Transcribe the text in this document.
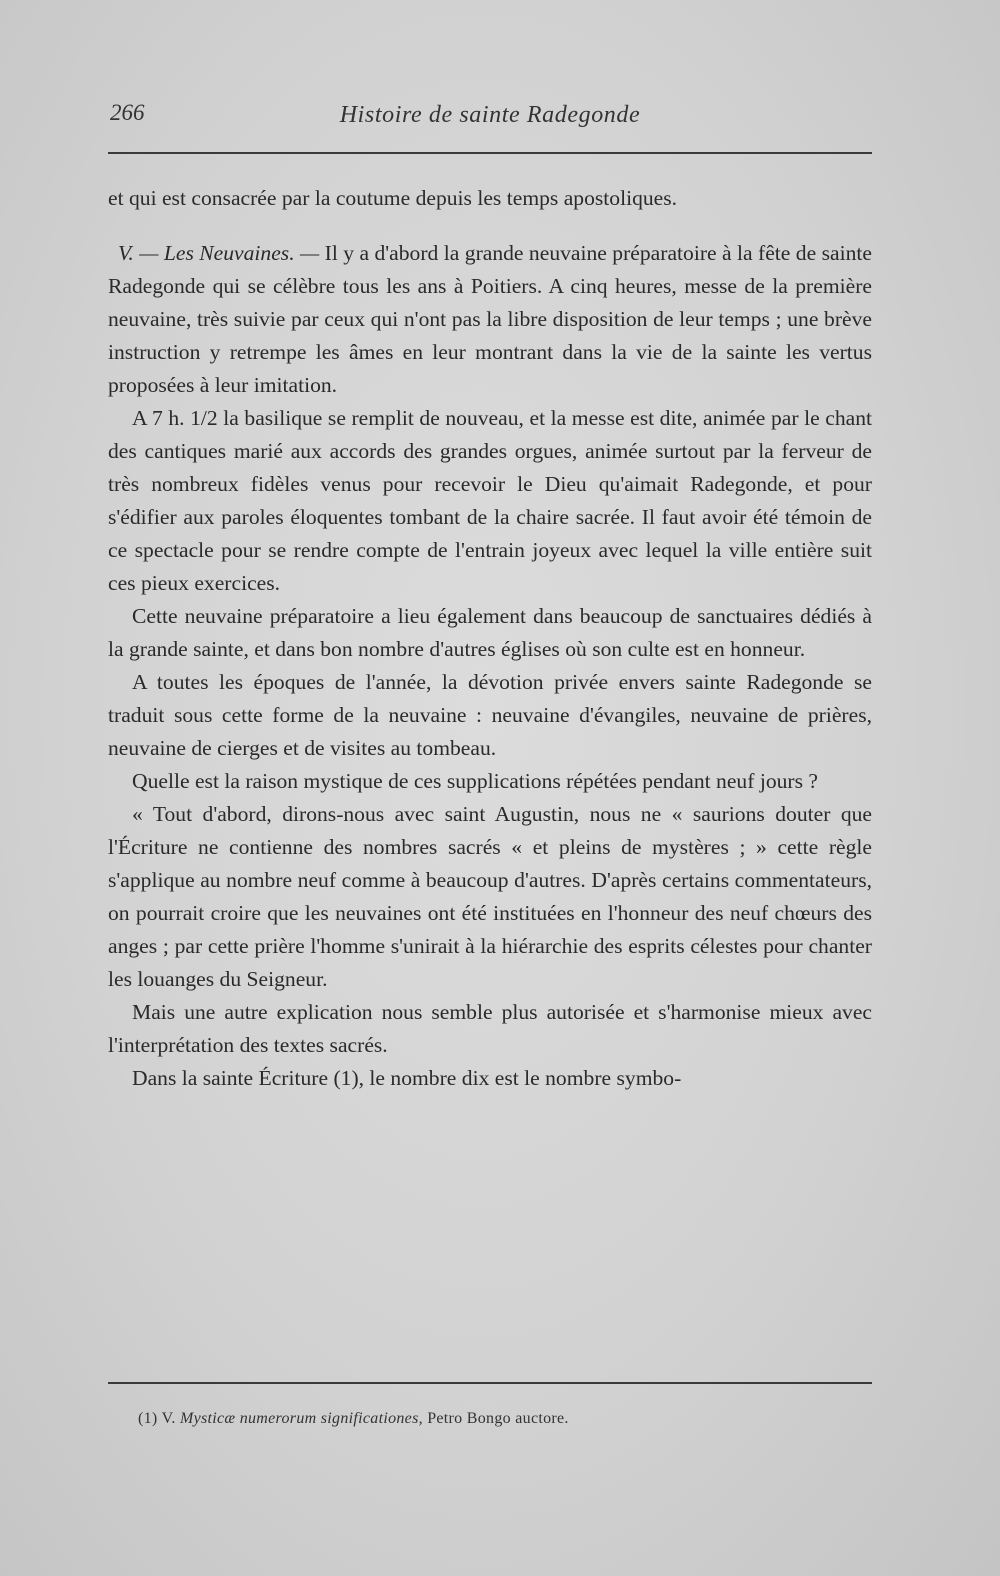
266	Histoire de sainte Radegonde

et qui est consacrée par la coutume depuis les temps apostoliques.

V. — Les Neuvaines. — Il y a d'abord la grande neuvaine préparatoire à la fête de sainte Radegonde qui se célèbre tous les ans à Poitiers. A cinq heures, messe de la première neuvaine, très suivie par ceux qui n'ont pas la libre disposition de leur temps ; une brève instruction y retrempe les âmes en leur montrant dans la vie de la sainte les vertus proposées à leur imitation.

A 7 h. 1/2 la basilique se remplit de nouveau, et la messe est dite, animée par le chant des cantiques marié aux accords des grandes orgues, animée surtout par la ferveur de très nombreux fidèles venus pour recevoir le Dieu qu'aimait Radegonde, et pour s'édifier aux paroles éloquentes tombant de la chaire sacrée. Il faut avoir été témoin de ce spectacle pour se rendre compte de l'entrain joyeux avec lequel la ville entière suit ces pieux exercices.

Cette neuvaine préparatoire a lieu également dans beaucoup de sanctuaires dédiés à la grande sainte, et dans bon nombre d'autres églises où son culte est en honneur.

A toutes les époques de l'année, la dévotion privée envers sainte Radegonde se traduit sous cette forme de la neuvaine : neuvaine d'évangiles, neuvaine de prières, neuvaine de cierges et de visites au tombeau.

Quelle est la raison mystique de ces supplications répétées pendant neuf jours ?

« Tout d'abord, dirons-nous avec saint Augustin, nous ne « saurions douter que l'Écriture ne contienne des nombres sacrés « et pleins de mystères ; » cette règle s'applique au nombre neuf comme à beaucoup d'autres. D'après certains commentateurs, on pourrait croire que les neuvaines ont été instituées en l'honneur des neuf chœurs des anges ; par cette prière l'homme s'unirait à la hiérarchie des esprits célestes pour chanter les louanges du Seigneur.

Mais une autre explication nous semble plus autorisée et s'harmonise mieux avec l'interprétation des textes sacrés.

Dans la sainte Écriture (1), le nombre dix est le nombre symbo-

(1) V. Mysticæ numerorum significationes, Petro Bongo auctore.
